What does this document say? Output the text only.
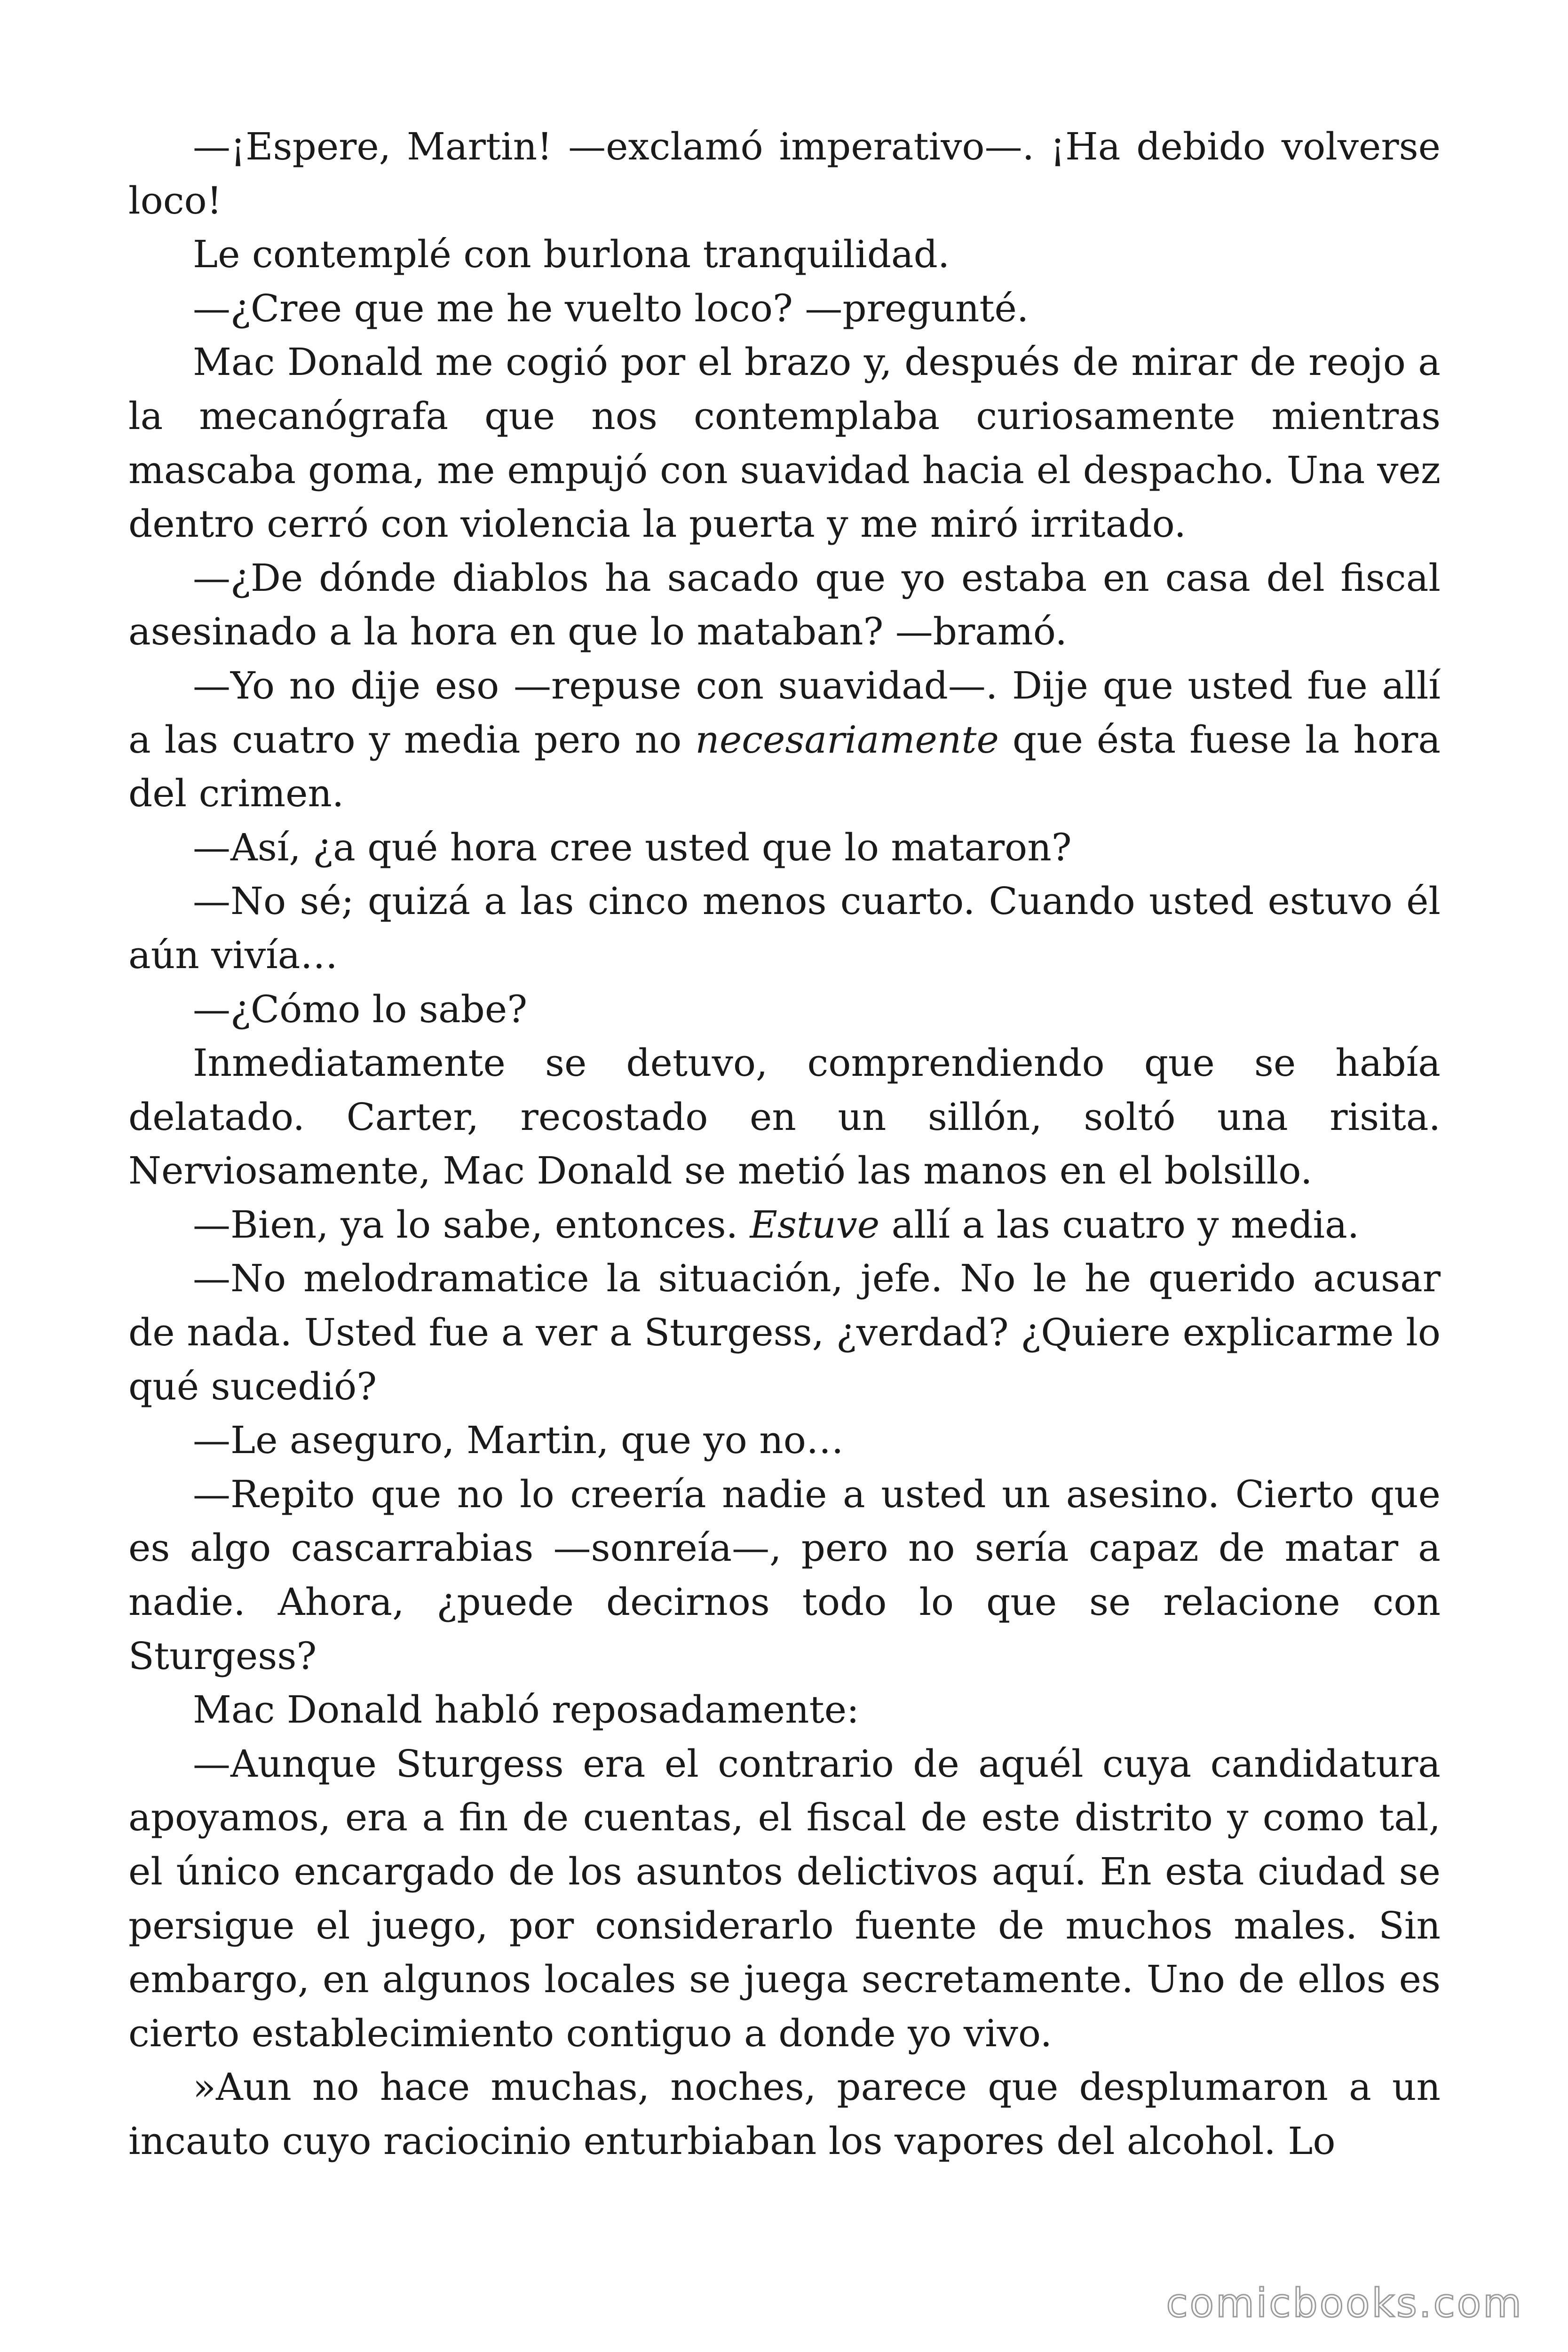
—¡Espere, Martin! —exclamó imperativo—. ¡Ha debido volverse loco!

Le contemplé con burlona tranquilidad.

—¿Cree que me he vuelto loco? —pregunté.

Mac Donald me cogió por el brazo y, después de mirar de reojo a la mecanógrafa que nos contemplaba curiosamente mientras mascaba goma, me empujó con suavidad hacia el despacho. Una vez dentro cerró con violencia la puerta y me miró irritado.

—¿De dónde diablos ha sacado que yo estaba en casa del fiscal asesinado a la hora en que lo mataban? —bramó.

—Yo no dije eso —repuse con suavidad—. Dije que usted fue allí a las cuatro y media pero no necesariamente que ésta fuese la hora del crimen.

—Así, ¿a qué hora cree usted que lo mataron?

—No sé; quizá a las cinco menos cuarto. Cuando usted estuvo él aún vivía…

—¿Cómo lo sabe?

Inmediatamente se detuvo, comprendiendo que se había delatado. Carter, recostado en un sillón, soltó una risita. Nerviosamente, Mac Donald se metió las manos en el bolsillo.

—Bien, ya lo sabe, entonces. Estuve allí a las cuatro y media.

—No melodramatice la situación, jefe. No le he querido acusar de nada. Usted fue a ver a Sturgess, ¿verdad? ¿Quiere explicarme lo qué sucedió?

—Le aseguro, Martin, que yo no…

—Repito que no lo creería nadie a usted un asesino. Cierto que es algo cascarrabias —sonreía—, pero no sería capaz de matar a nadie. Ahora, ¿puede decirnos todo lo que se relacione con Sturgess?

Mac Donald habló reposadamente:

—Aunque Sturgess era el contrario de aquél cuya candidatura apoyamos, era a fin de cuentas, el fiscal de este distrito y como tal, el único encargado de los asuntos delictivos aquí. En esta ciudad se persigue el juego, por considerarlo fuente de muchos males. Sin embargo, en algunos locales se juega secretamente. Uno de ellos es cierto establecimiento contiguo a donde yo vivo.

»Aun no hace muchas, noches, parece que desplumaron a un incauto cuyo raciocinio enturbiaban los vapores del alcohol. Lo

comicbooks.com
